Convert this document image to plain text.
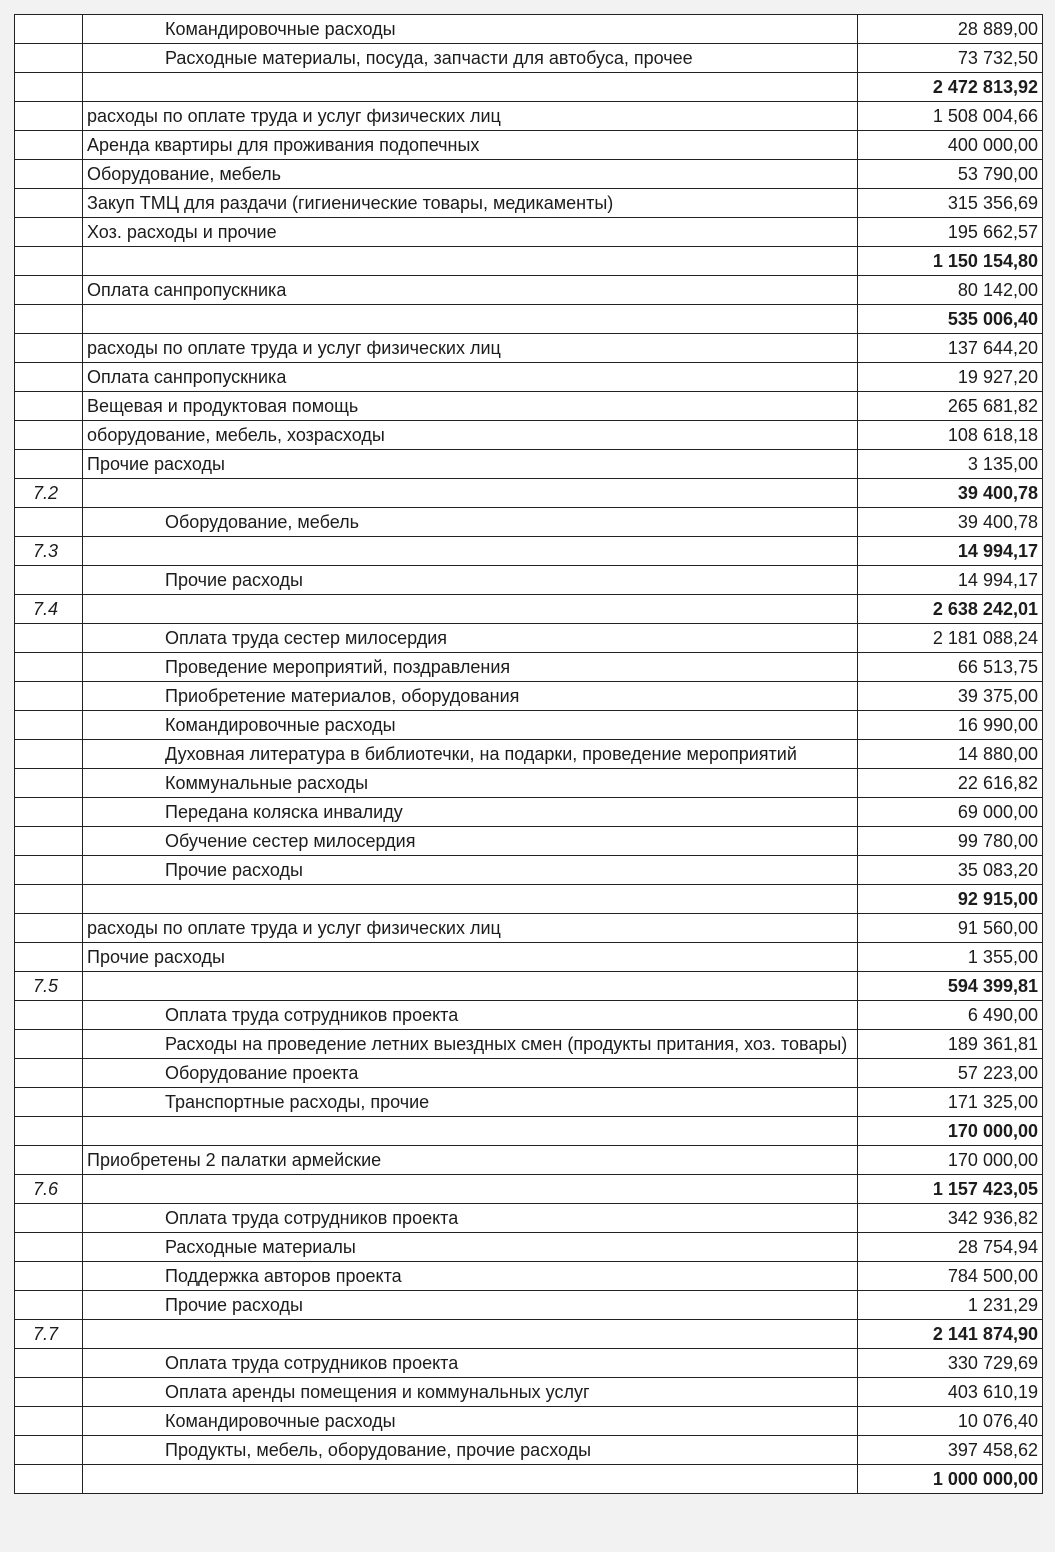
	Командировочные расходы	28 889,00
	Расходные материалы, посуда, запчасти для автобуса, прочее	73 732,50
		2 472 813,92
	расходы по оплате труда и услуг физических лиц	1 508 004,66
	Аренда квартиры для проживания подопечных	400 000,00
	Оборудование, мебель	53 790,00
	Закуп ТМЦ для раздачи (гигиенические товары, медикаменты)	315 356,69
	Хоз. расходы и прочие	195 662,57
		1 150 154,80
	Оплата санпропускника	80 142,00
		535 006,40
	расходы по оплате труда и услуг физических лиц	137 644,20
	Оплата санпропускника	19 927,20
	Вещевая и продуктовая помощь	265 681,82
	оборудование, мебель, хозрасходы	108 618,18
	Прочие расходы	3 135,00
7.2		39 400,78
	Оборудование, мебель	39 400,78
7.3		14 994,17
	Прочие расходы	14 994,17
7.4		2 638 242,01
	Оплата труда сестер милосердия	2 181 088,24
	Проведение мероприятий, поздравления	66 513,75
	Приобретение материалов, оборудования	39 375,00
	Командировочные расходы	16 990,00
	Духовная литература в библиотечки, на подарки, проведение мероприятий	14 880,00
	Коммунальные расходы	22 616,82
	Передана коляска инвалиду	69 000,00
	Обучение сестер милосердия	99 780,00
	Прочие расходы	35 083,20
		92 915,00
	расходы по оплате труда и услуг физических лиц	91 560,00
	Прочие расходы	1 355,00
7.5		594 399,81
	Оплата труда сотрудников проекта	6 490,00
	Расходы на проведение летних выездных смен (продукты притания, хоз. товары)	189 361,81
	Оборудование проекта	57 223,00
	Транспортные расходы, прочие	171 325,00
		170 000,00
	Приобретены 2 палатки армейские	170 000,00
7.6		1 157 423,05
	Оплата труда сотрудников проекта	342 936,82
	Расходные материалы	28 754,94
	Поддержка авторов проекта	784 500,00
	Прочие расходы	1 231,29
7.7		2 141 874,90
	Оплата труда сотрудников проекта	330 729,69
	Оплата аренды помещения и коммунальных услуг	403 610,19
	Командировочные расходы	10 076,40
	Продукты, мебель, оборудование, прочие расходы	397 458,62
		1 000 000,00
